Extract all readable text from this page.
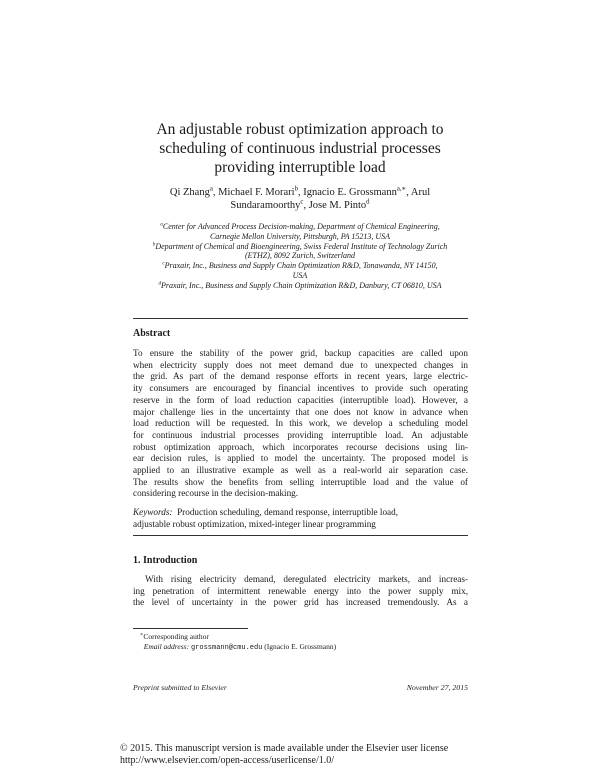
An adjustable robust optimization approach to
scheduling of continuous industrial processes
providing interruptible load
Qi Zhang$^a$, Michael F. Morari$^b$, Ignacio E. Grossmann$^{a,∗}$, Arul
Sundaramoorthy$^c$, Jose M. Pinto$^d$
$^a$Center for Advanced Process Decision-making, Department of Chemical Engineering,
Carnegie Mellon University, Pittsburgh, PA 15213, USA
$^b$Department of Chemical and Bioengineering, Swiss Federal Institute of Technology Zurich
(ETHZ), 8092 Zurich, Switzerland
$^c$Praxair, Inc., Business and Supply Chain Optimization R&D, Tonawanda, NY 14150,
USA
$^d$Praxair, Inc., Business and Supply Chain Optimization R&D, Danbury, CT 06810, USA
Abstract
To ensure the stability of the power grid, backup capacities are called upon
when electricity supply does not meet demand due to unexpected changes in
the grid. As part of the demand response efforts in recent years, large electric-
ity consumers are encouraged by financial incentives to provide such operating
reserve in the form of load reduction capacities (interruptible load). However, a
major challenge lies in the uncertainty that one does not know in advance when
load reduction will be requested. In this work, we develop a scheduling model
for continuous industrial processes providing interruptible load. An adjustable
robust optimization approach, which incorporates recourse decisions using lin-
ear decision rules, is applied to model the uncertainty. The proposed model is
applied to an illustrative example as well as a real-world air separation case.
The results show the benefits from selling interruptible load and the value of
considering recourse in the decision-making.
Keywords: Production scheduling, demand response, interruptible load,
adjustable robust optimization, mixed-integer linear programming
1. Introduction
With rising electricity demand, deregulated electricity markets, and increas-
ing penetration of intermittent renewable energy into the power supply mix,
the level of uncertainty in the power grid has increased tremendously. As a
∗Corresponding author
Email address: grossmann@cmu.edu (Ignacio E. Grossmann)
Preprint submitted to Elsevier	November 27, 2015
© 2015. This manuscript version is made available under the Elsevier user license
http://www.elsevier.com/open-access/userlicense/1.0/
